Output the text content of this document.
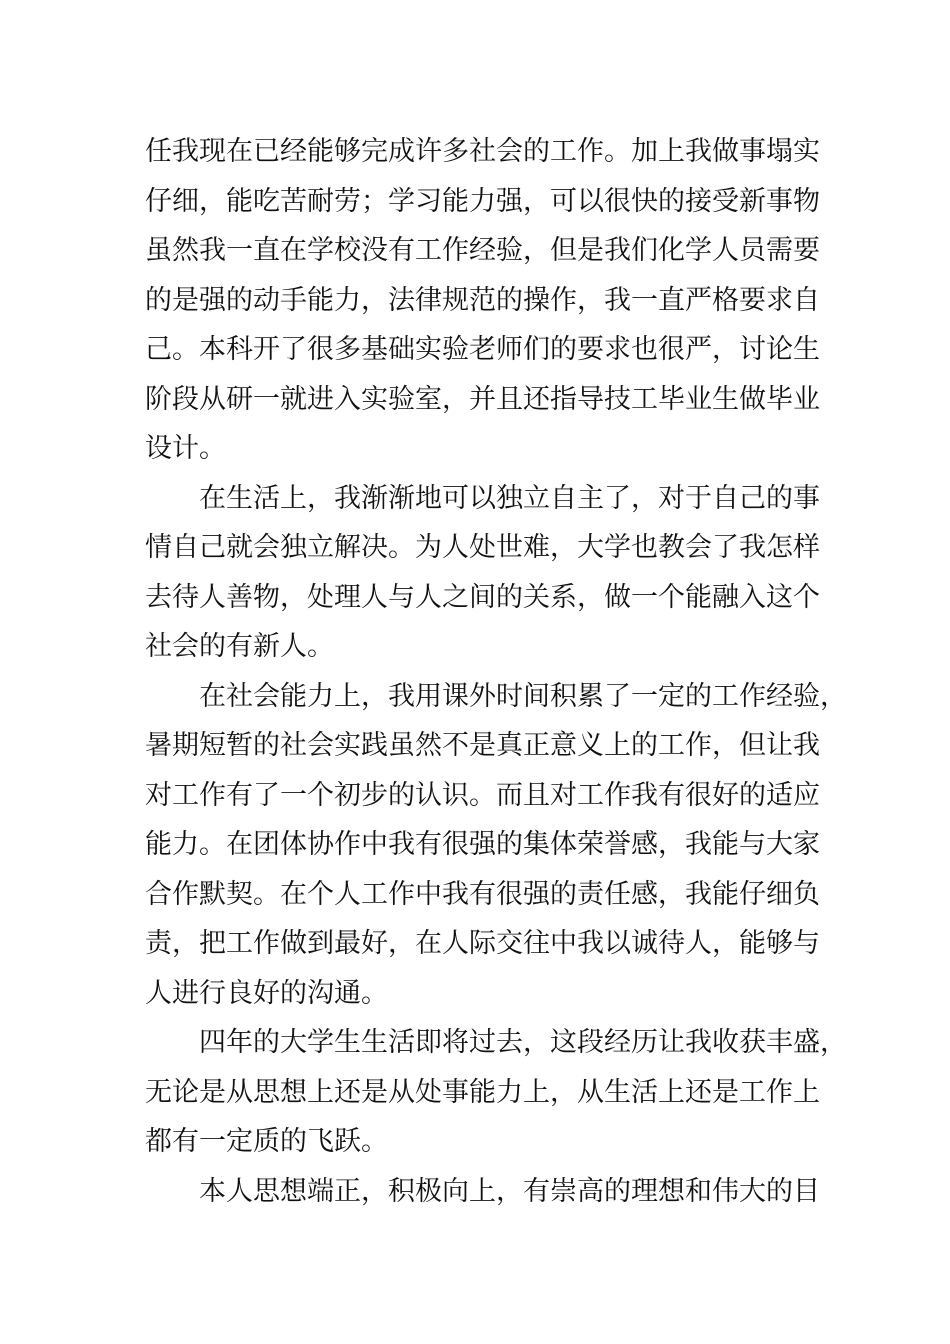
任我现在已经能够完成许多社会的工作。加上我做事塌实
仔细，能吃苦耐劳；学习能力强，可以很快的接受新事物
虽然我一直在学校没有工作经验，但是我们化学人员需要
的是强的动手能力，法律规范的操作，我一直严格要求自
己。本科开了很多基础实验老师们的要求也很严，讨论生
阶段从研一就进入实验室，并且还指导技工毕业生做毕业
设计。
在生活上，我渐渐地可以独立自主了，对于自己的事
情自己就会独立解决。为人处世难，大学也教会了我怎样
去待人善物，处理人与人之间的关系，做一个能融入这个
社会的有新人。
在社会能力上，我用课外时间积累了一定的工作经验，
暑期短暂的社会实践虽然不是真正意义上的工作，但让我
对工作有了一个初步的认识。而且对工作我有很好的适应
能力。在团体协作中我有很强的集体荣誉感，我能与大家
合作默契。在个人工作中我有很强的责任感，我能仔细负
责，把工作做到最好，在人际交往中我以诚待人，能够与
人进行良好的沟通。
四年的大学生生活即将过去，这段经历让我收获丰盛，
无论是从思想上还是从处事能力上，从生活上还是工作上
都有一定质的飞跃。
本人思想端正，积极向上，有崇高的理想和伟大的目
